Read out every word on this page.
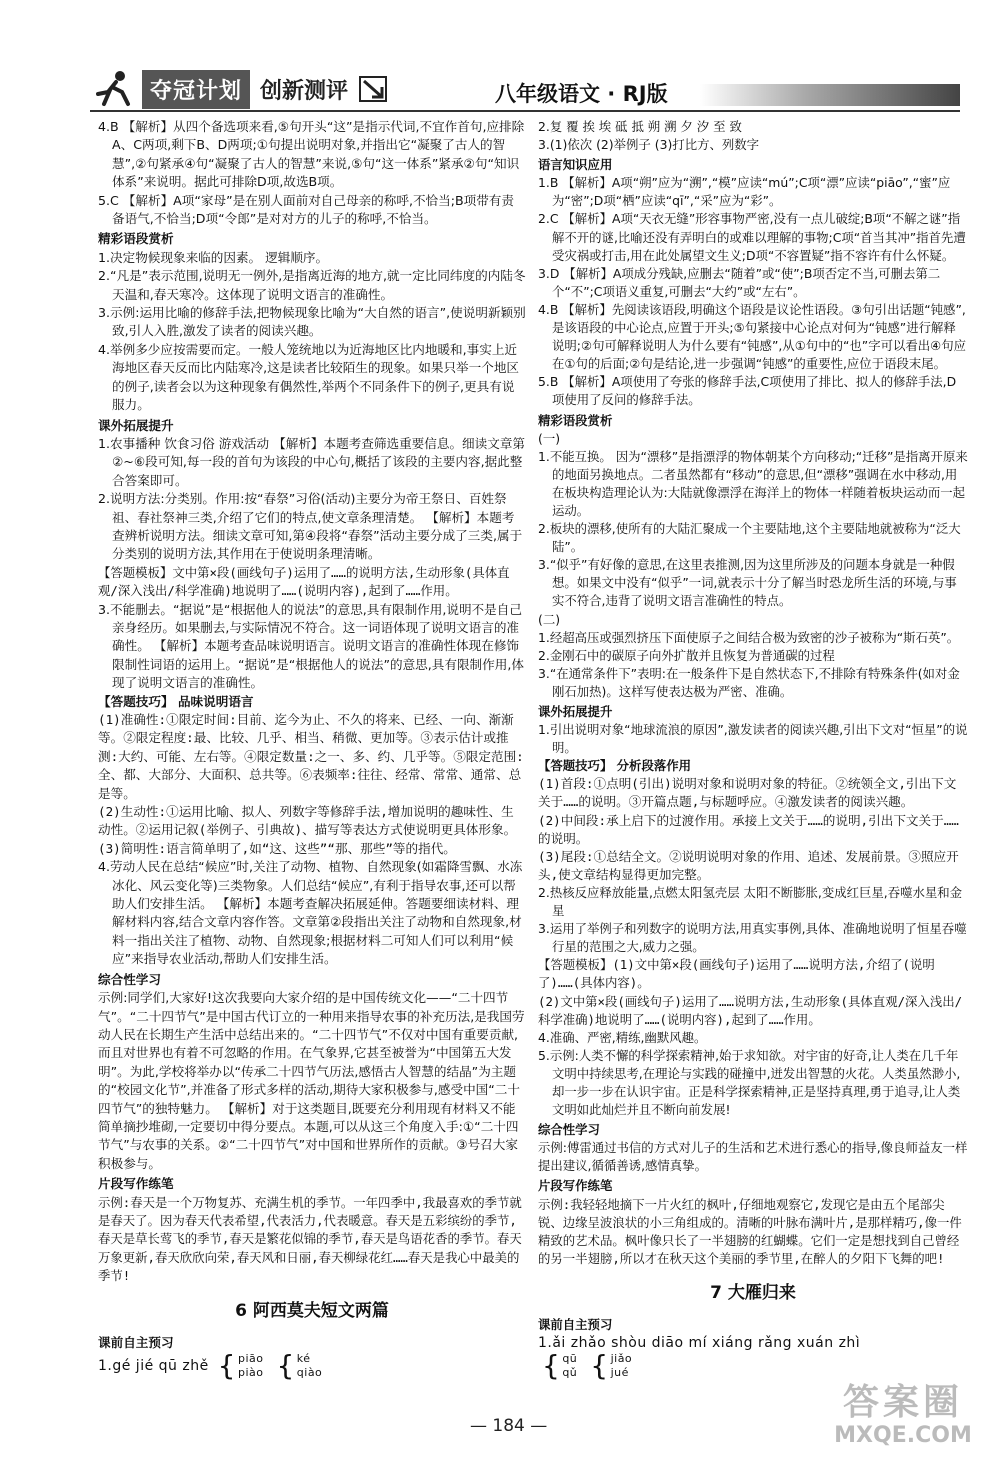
夺冠计划 创新测评	八年级语文 · RJ版

4.B 【解析】从四个备选项来看,⑤句开头“这”是指示代词,不宜作首句,应排除A、C两项,剩下B、D两项;①句提出说明对象,并指出它“凝聚了古人的智慧”,②句紧承④句“凝聚了古人的智慧”来说,⑤句“这一体系”紧承②句“知识体系”来说明。据此可排除D项,故选B项。

5.C 【解析】A项“家母”是在别人面前对自己母亲的称呼,不恰当;B项带有责备语气,不恰当;D项“令郎”是对对方的儿子的称呼,不恰当。

精彩语段赏析

1.决定物候现象来临的因素。 逻辑顺序。

2.“凡是”表示范围,说明无一例外,是指离近海的地方,就一定比同纬度的内陆冬天温和,春天寒冷。这体现了说明文语言的准确性。

3.示例:运用比喻的修辞手法,把物候现象比喻为“大自然的语言”,使说明新颖别致,引人入胜,激发了读者的阅读兴趣。

4.举例多少应按需要而定。一般人笼统地以为近海地区比内地暖和,事实上近海地区春天反而比内陆寒冷,这是读者比较陌生的现象。如果只举一个地区的例子,读者会以为这种现象有偶然性,举两个不同条件下的例子,更具有说服力。

课外拓展提升

1.农事播种 饮食习俗 游戏活动 【解析】本题考查筛选重要信息。细读文章第②~⑥段可知,每一段的首句为该段的中心句,概括了该段的主要内容,据此整合答案即可。

2.说明方法:分类别。作用:按“春祭”习俗(活动)主要分为帝王祭日、百姓祭祖、春社祭神三类,介绍了它们的特点,使文章条理清楚。 【解析】本题考查辨析说明方法。细读文章可知,第④段将“春祭”活动主要分成了三类,属于分类别的说明方法,其作用在于使说明条理清晰。

【答题模板】文中第×段(画线句子)运用了……的说明方法,生动形象(具体直观/深入浅出/科学准确)地说明了……(说明内容),起到了……作用。

3.不能删去。“据说”是“根据他人的说法”的意思,具有限制作用,说明不是自己亲身经历。如果删去,与实际情况不符合。这一词语体现了说明文语言的准确性。 【解析】本题考查品味说明语言。说明文语言的准确性体现在修饰限制性词语的运用上。“据说”是“根据他人的说法”的意思,具有限制作用,体现了说明文语言的准确性。

【答题技巧】 品味说明语言

(1)准确性:①限定时间:目前、迄今为止、不久的将来、已经、一向、渐渐等。②限定程度:最、比较、几乎、相当、稍微、更加等。③表示估计或推测:大约、可能、左右等。④限定数量:之一、多、约、几乎等。⑤限定范围:全、都、大部分、大面积、总共等。⑥表频率:往往、经常、常常、通常、总是等。

(2)生动性:①运用比喻、拟人、列数字等修辞手法,增加说明的趣味性、生动性。②运用记叙(举例子、引典故)、描写等表达方式使说明更具体形象。

(3)简明性:语言简单明了,如“这、这些”“那、那些”等的指代。

4.劳动人民在总结“候应”时,关注了动物、植物、自然现象(如霜降雪飘、水冻冰化、风云变化等)三类物象。人们总结“候应”,有利于指导农事,还可以帮助人们安排生活。 【解析】本题考查解决拓展延伸。答题要细读材料、理解材料内容,结合文章内容作答。文章第②段指出关注了动物和自然现象,材料一指出关注了植物、动物、自然现象;根据材料二可知人们可以利用“候应”来指导农业活动,帮助人们安排生活。

综合性学习

示例:同学们,大家好!这次我要向大家介绍的是中国传统文化——“二十四节气”。“二十四节气”是中国古代订立的一种用来指导农事的补充历法,是我国劳动人民在长期生产生活中总结出来的。“二十四节气”不仅对中国有重要贡献,而且对世界也有着不可忽略的作用。在气象界,它甚至被誉为“中国第五大发明”。为此,学校将举办以“传承二十四节气历法,感悟古人智慧的结晶”为主题的“校园文化节”,并准备了形式多样的活动,期待大家积极参与,感受中国“二十四节气”的独特魅力。 【解析】对于这类题目,既要充分利用现有材料又不能简单摘抄堆砌,一定要切中得分要点。本题,可以从这三个角度入手:①“二十四节气”与农事的关系。②“二十四节气”对中国和世界所作的贡献。③号召大家积极参与。

片段写作练笔

示例:春天是一个万物复苏、充满生机的季节。一年四季中,我最喜欢的季节就是春天了。因为春天代表希望,代表活力,代表暖意。春天是五彩缤纷的季节,春天是草长莺飞的季节,春天是繁花似锦的季节,春天是鸟语花香的季节。春天万象更新,春天欣欣向荣,春天风和日丽,春天柳绿花红……春天是我心中最美的季节!

6 阿西莫夫短文两篇

课前自主预习

1.gé jié qū zhě { piāo
piào { ké
qiào

2.复 覆 挨 埃 砥 抵 朔 溯 夕 汐 至 致

3.(1)依次 (2)举例子 (3)打比方、列数字

语言知识应用

1.B 【解析】A项“朔”应为“溯”,“模”应读“mú”;C项“漂”应读“piāo”,“蜜”应为“密”;D项“栖”应读“qī”,“采”应为“彩”。

2.C 【解析】A项“天衣无缝”形容事物严密,没有一点儿破绽;B项“不解之谜”指解不开的谜,比喻还没有弄明白的或难以理解的事物;C项“首当其冲”指首先遭受灾祸或打击,用在此处属望文生义;D项“不容置疑”指不容许有什么怀疑。

3.D 【解析】A项成分残缺,应删去“随着”或“使”;B项否定不当,可删去第二个“不”;C项语义重复,可删去“大约”或“左右”。

4.B 【解析】先阅读该语段,明确这个语段是议论性语段。③句引出话题“钝感”,是该语段的中心论点,应置于开头;⑤句紧接中心论点对何为“钝感”进行解释说明;②句可解释说明人为什么要有“钝感”,从①句中的“也”字可以看出④句应在①句的后面;②句是结论,进一步强调“钝感”的重要性,应位于语段末尾。

5.B 【解析】A项使用了夸张的修辞手法,C项使用了排比、拟人的修辞手法,D项使用了反问的修辞手法。

精彩语段赏析

(一)

1.不能互换。 因为“漂移”是指漂浮的物体朝某个方向移动;“迁移”是指离开原来的地面另换地点。二者虽然都有“移动”的意思,但“漂移”强调在水中移动,用在板块构造理论认为:大陆就像漂浮在海洋上的物体一样随着板块运动而一起运动。

2.板块的漂移,使所有的大陆汇聚成一个主要陆地,这个主要陆地就被称为“泛大陆”。

3.“似乎”有好像的意思,在这里表推测,因为这里所涉及的问题本身就是一种假想。如果文中没有“似乎”一词,就表示十分了解当时恐龙所生活的环境,与事实不符合,违背了说明文语言准确性的特点。

(二)

1.经超高压或强烈挤压下面使原子之间结合极为致密的沙子被称为“斯石英”。

2.金刚石中的碳原子向外扩散并且恢复为普通碳的过程

3.“在通常条件下”表明:在一般条件下是自然状态下,不排除有特殊条件(如对金刚石加热)。这样写使表达极为严密、准确。

课外拓展提升

1.引出说明对象“地球流浪的原因”,激发读者的阅读兴趣,引出下文对“恒星”的说明。

【答题技巧】 分析段落作用

(1)首段:①点明(引出)说明对象和说明对象的特征。②统领全文,引出下文关于……的说明。③开篇点题,与标题呼应。④激发读者的阅读兴趣。

(2)中间段:承上启下的过渡作用。承接上文关于……的说明,引出下文关于……的说明。

(3)尾段:①总结全文。②说明说明对象的作用、追述、发展前景。③照应开头,使文章结构显得更加完整。

2.热核反应释放能量,点燃太阳氢壳层 太阳不断膨胀,变成红巨星,吞噬水星和金星

3.运用了举例子和列数字的说明方法,用真实事例,具体、准确地说明了恒星吞噬行星的范围之大,威力之强。

【答题模板】(1)文中第×段(画线句子)运用了……说明方法,介绍了(说明了)……(具体内容)。

(2)文中第×段(画线句子)运用了……说明方法,生动形象(具体直观/深入浅出/科学准确)地说明了……(说明内容),起到了……作用。

4.准确、严密,精练,幽默风趣。

5.示例:人类不懈的科学探索精神,始于求知欲。对宇宙的好奇,让人类在几千年文明中持续思考,在理论与实践的碰撞中,迸发出智慧的火花。人类虽然渺小,却一步一步在认识宇宙。正是科学探索精神,正是坚持真理,勇于追寻,让人类文明如此灿烂并且不断向前发展!

综合性学习

示例:傅雷通过书信的方式对儿子的生活和艺术进行悉心的指导,像良师益友一样提出建议,循循善诱,感情真挚。

片段写作练笔

示例:我轻轻地摘下一片火红的枫叶,仔细地观察它,发现它是由五个尾部尖锐、边缘呈波浪状的小三角组成的。清晰的叶脉布满叶片,是那样精巧,像一件精致的艺术品。枫叶像只长了一半翅膀的红蝴蝶。它们一定是想找到自己曾经的另一半翅膀,所以才在秋天这个美丽的季节里,在醉人的夕阳下飞舞的吧!

7 大雁归来

课前自主预习

1.ǎi zhǎo shòu diāo mí xiáng rǎng xuán zhì

{ qū
qǔ { jiǎo
jué

— 184 —
答案圈
MXQE.COM
